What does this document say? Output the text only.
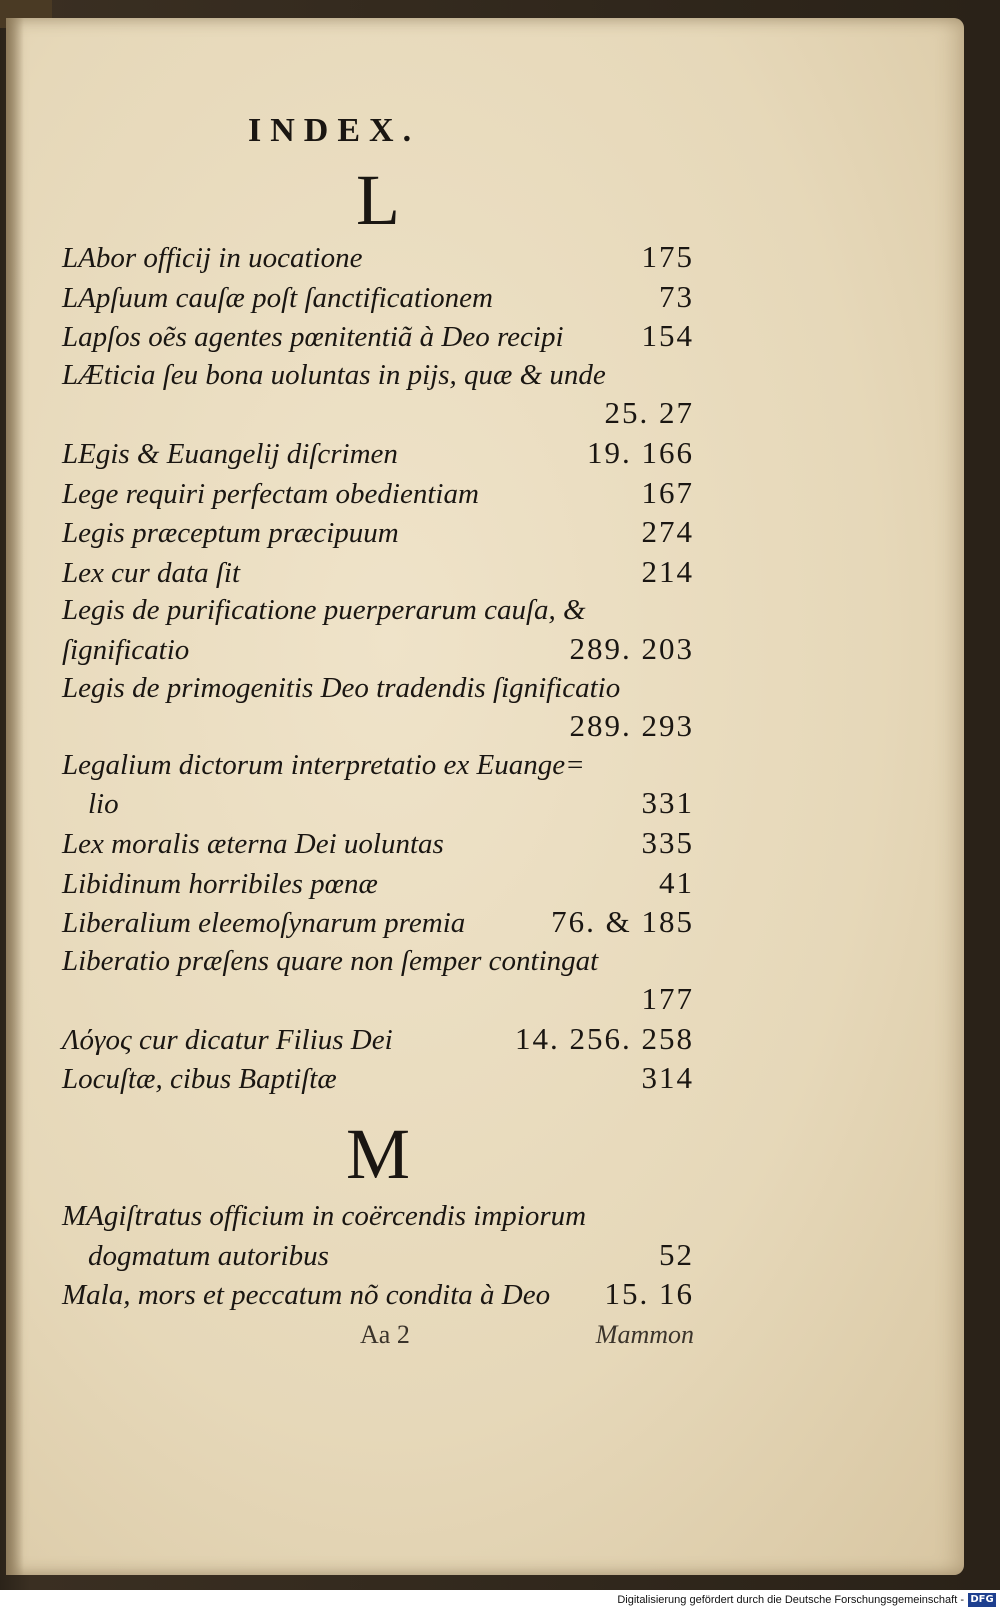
INDEX.
L
LAbor officij in uocatione	175
LApſuum cauſæ poſt ſanctificationem	73
Lapſos oẽs agentes pœnitentiã à Deo recipi	154
LÆticia ſeu bona uoluntas in pijs, quæ & unde
25. 27
LEgis & Euangelij diſcrimen	19. 166
Lege requiri perfectam obedientiam	167
Legis præceptum præcipuum	274
Lex cur data ſit	214
Legis de purificatione puerperarum cauſa, &
ſignificatio	289. 203
Legis de primogenitis Deo tradendis ſignificatio
289. 293
Legalium dictorum interpretatio ex Euange=
lio	331
Lex moralis æterna Dei uoluntas	335
Libidinum horribiles pœnæ	41
Liberalium eleemoſynarum premia	76. & 185
Liberatio præſens quare non ſemper contingat
177
Λόγος cur dicatur Filius Dei	14. 256. 258
Locuſtæ, cibus Baptiſtæ	314
M
MAgiſtratus officium in coërcendis impiorum
dogmatum autoribus	52
Mala, mors et peccatum nõ condita à Deo 15. 16
Aa 2	Mammon
Digitalisierung gefördert durch die Deutsche Forschungsgemeinschaft - DFG
